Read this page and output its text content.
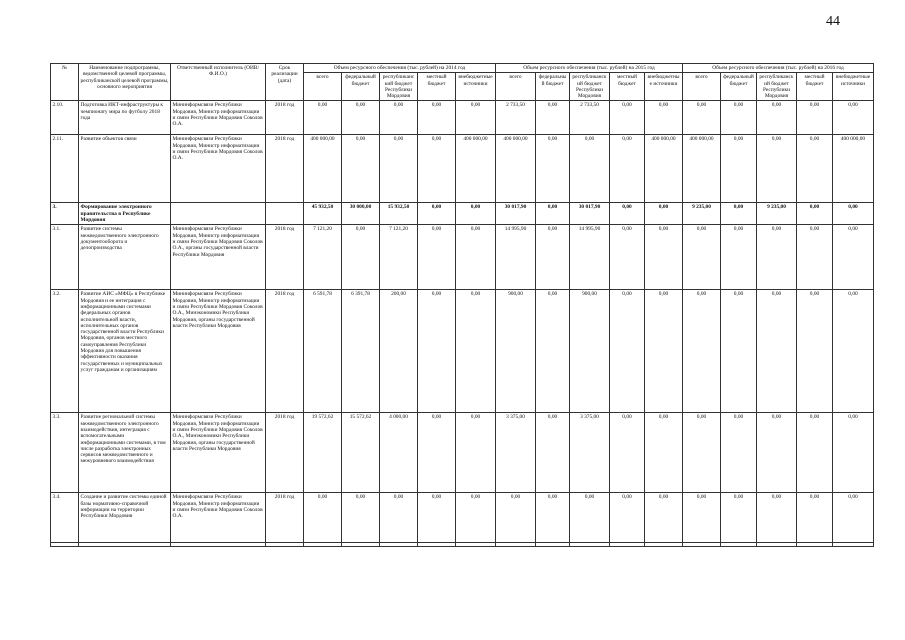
44
№	Наименование подпрограммы, ведомственной целевой программы, республиканской целевой программы, основного мероприятия	Ответственный исполнитель (ОИВ/Ф.И.О.)	Срок реализации (дата)	Объем ресурсного обеспечения (тыс. рублей) на 2014 год					Объем ресурсного обеспечения (тыс. рублей) на 2015 год					Объем ресурсного обеспечения (тыс. рублей) на 2016 год				
				всего	федеральный бюджет	республиканский бюджет Республики Мордовия	местный бюджет	внебюджетные источники	всего	федеральный бюджет	республиканский бюджет Республики Мордовия	местный бюджет	внебюджетные источники	всего	федеральный бюджет	республиканский бюджет Республики Мордовия	местный бюджет	внебюджетные источники
2.10.	Подготовка ИКТ-инфраструктуры к чемпионату мира по футболу 2018 года	Мининформсвязи Республики Мордовия, Министр информатизации и связи Республики Мордовия Соколов О.А.	2018 год	0,00	0,00	0,00	0,00	0,00	2 733,50	0,00	2 733,50	0,00	0,00	0,00	0,00	0,00	0,00	0,00
2.11.	Развитие объектов связи	Мининформсвязи Республики Мордовия, Министр информатизации и связи Республики Мордовия Соколов О.А.	2018 год	400 000,00	0,00	0,00	0,00	400 000,00	400 000,00	0,00	0,00	0,00	400 000,00	400 000,00	0,00	0,00	0,00	400 000,00
3.	Формирование электронного правительства в Республике Мордовия			45 932,50	30 000,00	15 932,50	0,00	0,00	30 017,90	0,00	30 017,90	0,00	0,00	9 235,00	0,00	9 235,00	0,00	0,00
3.1.	Развитие системы межведомственного электронного документооборота и делопроизводства	Мининформсвязи Республики Мордовия, Министр информатизации и связи Республики Мордовия Соколов О.А., органы государственной власти Республики Мордовия	2018 год	7 121,20	0,00	7 121,20	0,00	0,00	14 995,90	0,00	14 995,90	0,00	0,00	0,00	0,00	0,00	0,00	0,00
3.2.	Развитие АИС «МФЦ» в Республике Мордовия и ее интеграция с информационными системами федеральных органов исполнительной власти, исполнительных органов государственной власти Республики Мордовия, органов местного самоуправления Республики Мордовия для повышения эффективности оказания государственных и муниципальных услуг гражданам и организациям	Мининформсвязи Республики Мордовия, Министр информатизации и связи Республики Мордовия Соколов О.А., Минэкономики Республики Мордовия, органы государственной власти Республики Мордовия	2018 год	6 591,78	6 391,78	200,00	0,00	0,00	900,00	0,00	900,00	0,00	0,00	0,00	0,00	0,00	0,00	0,00
3.3.	Развитие региональной системы межведомственного электронного взаимодействия, интеграция с вспомогательными информационными системами, в том числе разработка электронных сервисов межведомственного и межуровневого взаимодействия	Мининформсвязи Республики Мордовия, Министр информатизации и связи Республики Мордовия Соколов О.А., Минэкономики Республики Мордовия, органы государственной власти Республики Мордовия	2018 год	19 572,62	15 572,62	4 000,00	0,00	0,00	3 375,00	0,00	3 375,00	0,00	0,00	0,00	0,00	0,00	0,00	0,00
3.4.	Создание и развитие системы единой базы нормативно-справочной информации на территории Республики Мордовия	Мининформсвязи Республики Мордовия, Министр информатизации и связи Республики Мордовия Соколов О.А.	2018 год	0,00	0,00	0,00	0,00	0,00	0,00	0,00	0,00	0,00	0,00	0,00	0,00	0,00	0,00	0,00
